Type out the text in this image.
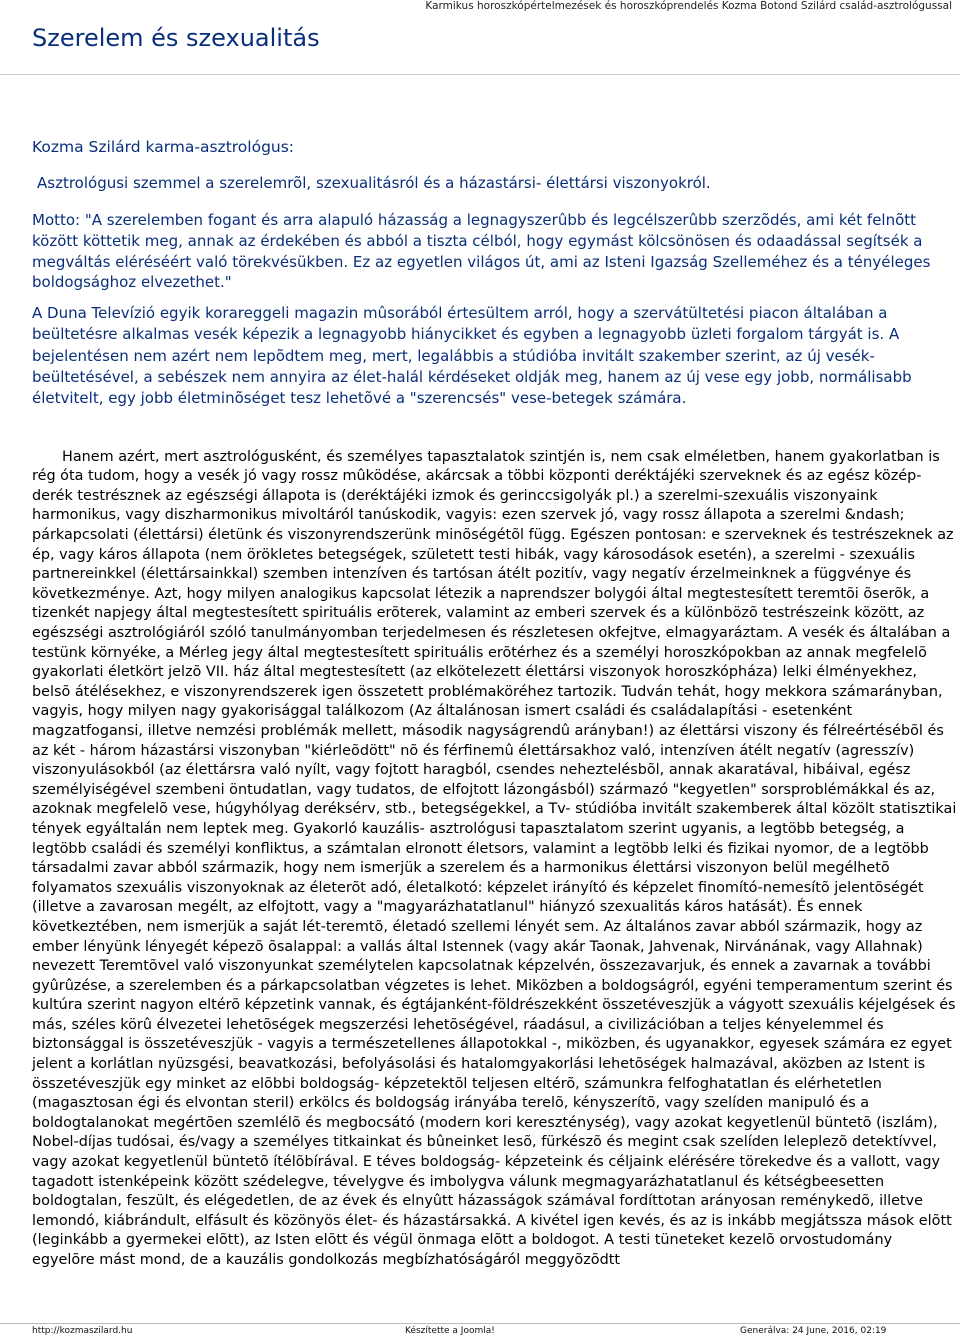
Karmikus horoszkópértelmezések és horoszkóprendelés Kozma Botond Szilárd család-asztrológussal
Szerelem és szexualitás

Kozma Szilárd karma-asztrológus:

Asztrológusi szemmel a szerelemrõl, szexualitásról és a házastársi- élettársi viszonyokról.

Motto: "A szerelemben fogant és arra alapuló házasság a legnagyszerûbb és legcélszerûbb szerzõdés, ami két felnõtt között köttetik meg, annak az érdekében és abból a tiszta célból, hogy egymást kölcsönösen és odaadással segítsék a megváltás eléréséért való törekvésükben. Ez az egyetlen világos út, ami az Isteni Igazság Szelleméhez és a tényéleges boldogsághoz elvezethet."

A Duna Televízió egyik korareggeli magazin mûsorából értesültem arról, hogy a szervátültetési piacon általában a beültetésre alkalmas vesék képezik a legnagyobb hiánycikket és egyben a legnagyobb üzleti forgalom tárgyát is. A bejelentésen nem azért nem lepõdtem meg, mert, legalábbis a stúdióba invitált szakember szerint, az új vesék- beültetésével, a sebészek nem annyira az élet-halál kérdéseket oldják meg, hanem az új vese egy jobb, normálisabb életvitelt, egy jobb életminõséget tesz lehetõvé a "szerencsés" vese-betegek számára.

Hanem azért, mert asztrológusként, és személyes tapasztalatok szintjén is, nem csak elméletben, hanem gyakorlatban is rég óta tudom, hogy a vesék jó vagy rossz mûködése, akárcsak a többi központi deréktájéki szerveknek és az egész közép-derék testrésznek az egészségi állapota is (deréktájéki izmok és gerinccsigolyák pl.) a szerelmi-szexuális viszonyaink harmonikus, vagy diszharmonikus mivoltáról tanúskodik, vagyis: ezen szervek jó, vagy rossz állapota a szerelmi &ndash; párkapcsolati (élettársi) életünk és viszonyrendszerünk minõségétõl függ. Egészen pontosan: e szerveknek és testrészeknek az ép, vagy káros állapota (nem örökletes betegségek, született testi hibák, vagy károsodások esetén), a szerelmi - szexuális partnereinkkel (élettársainkkal) szemben intenzíven és tartósan átélt pozitív, vagy negatív érzelmeinknek a függvénye és következménye. Azt, hogy milyen analogikus kapcsolat létezik a naprendszer bolygói által megtestesített teremtõi õserõk, a tizenkét napjegy által megtestesített spirituális erõterek, valamint az emberi szervek és a különbözõ testrészeink között, az egészségi asztrológiáról szóló tanulmányomban terjedelmesen és részletesen okfejtve, elmagyaráztam. A vesék és általában a testünk környéke, a Mérleg jegy által megtestesített spirituális erõtérhez és a személyi horoszkópokban az annak megfelelõ gyakorlati életkört jelzõ VII. ház által megtestesített (az elkötelezett élettársi viszonyok horoszkópháza) lelki élményekhez, belsõ átélésekhez, e viszonyrendszerek igen összetett problémaköréhez tartozik. Tudván tehát, hogy mekkora számarányban, vagyis, hogy milyen nagy gyakorisággal találkozom (Az általánosan ismert családi és családalapítási - esetenként magzatfogansi, illetve nemzési problémák mellett, második nagyságrendû arányban!) az élettársi viszony és félreértésébõl és az két - három házastársi viszonyban "kiérleõdött" nõ és férfinemû élettársakhoz való, intenzíven átélt negatív (agresszív) viszonyulásokból (az élettársra való nyílt, vagy fojtott haragból, csendes neheztelésbõl, annak akaratával, hibáival, egész személyiségével szembeni öntudatlan, vagy tudatos, de elfojtott lázongásból) származó "kegyetlen" sorsproblémákkal és az, azoknak megfelelõ vese, húgyhólyag deréksérv, stb., betegségekkel, a Tv- stúdióba invitált szakemberek által közölt statisztikai tények egyáltalán nem leptek meg. Gyakorló kauzális- asztrológusi tapasztalatom szerint ugyanis, a legtöbb betegség, a legtöbb családi és személyi konfliktus, a számtalan elronott életsors, valamint a legtöbb lelki és fizikai nyomor, de a legtöbb társadalmi zavar abból származik, hogy nem ismerjük a szerelem és a harmonikus élettársi viszonyon belül megélhetõ folyamatos szexuális viszonyoknak az életerõt adó, életalkotó: képzelet irányító és képzelet finomító-nemesítõ jelentõségét (illetve a zavarosan megélt, az elfojtott, vagy a "magyarázhatatlanul" hiányzó szexualitás káros hatását). És ennek következtében, nem ismerjük a saját lét-teremtõ, életadó szellemi lényét sem. Az általános zavar abból származik, hogy az ember lényünk lényegét képezõ õsalappal: a vallás által Istennek (vagy akár Taonak, Jahvenak, Nirvánának, vagy Allahnak) nevezett Teremtõvel való viszonyunkat személytelen kapcsolatnak képzelvén, összezavarjuk, és ennek a zavarnak a további gyûrûzése, a szerelemben és a párkapcsolatban végzetes is lehet. Miközben a boldogságról, egyéni temperamentum szerint és kultúra szerint nagyon eltérõ képzetink vannak, és égtájanként-földrészekként összetéveszjük a vágyott szexuális kéjelgések és más, széles körû élvezetei lehetõségek megszerzési lehetõségével, ráadásul, a civilizációban a teljes kényelemmel és biztonsággal is összetéveszjük - vagyis a természetellenes állapotokkal -, miközben, és ugyanakkor, egyesek számára ez egyet jelent a korlátlan nyüzsgési, beavatkozási, befolyásolási és hatalomgyakorlási lehetõségek halmazával, aközben az Istent is összetéveszjük egy minket az elõbbi boldogság- képzetektõl teljesen eltérõ, számunkra felfoghatatlan és elérhetetlen (magasztosan égi és elvontan steril) erkölcs és boldogság irányába terelõ, kényszerítõ, vagy szelíden manipuló és a boldogtalanokat megértõen szemlélõ és megbocsátó (modern kori kereszténység), vagy azokat kegyetlenül büntetõ (iszlám), Nobel-díjas tudósai, és/vagy a személyes titkainkat és bûneinket lesõ, fürkészõ és megint csak szelíden leleplezõ detektívvel, vagy azokat kegyetlenül büntetõ ítélõbírával. E téves boldogság- képzeteink és céljaink elérésére törekedve és a vallott, vagy tagadott istenképeink között szédelegve, tévelygve és imbolygva válunk megmagyarázhatatlanul és kétségbeesetten boldogtalan, feszült, és elégedetlen, de az évek és elnyûtt házasságok számával fordíttotan arányosan reménykedõ, illetve lemondó, kiábrándult, elfásult és közönyös élet- és házastársakká. A kivétel igen kevés, és az is inkább megjátssza mások elõtt (leginkább a gyermekei elõtt), az Isten elõtt és végül önmaga elõtt a boldogot. A testi tüneteket kezelõ orvostudomány egyelõre mást mond, de a kauzális gondolkozás megbízhatóságáról meggyõzõdtt

http://kozmaszilard.hu	Készítette a Joomla!	Generálva: 24 June, 2016, 02:19
